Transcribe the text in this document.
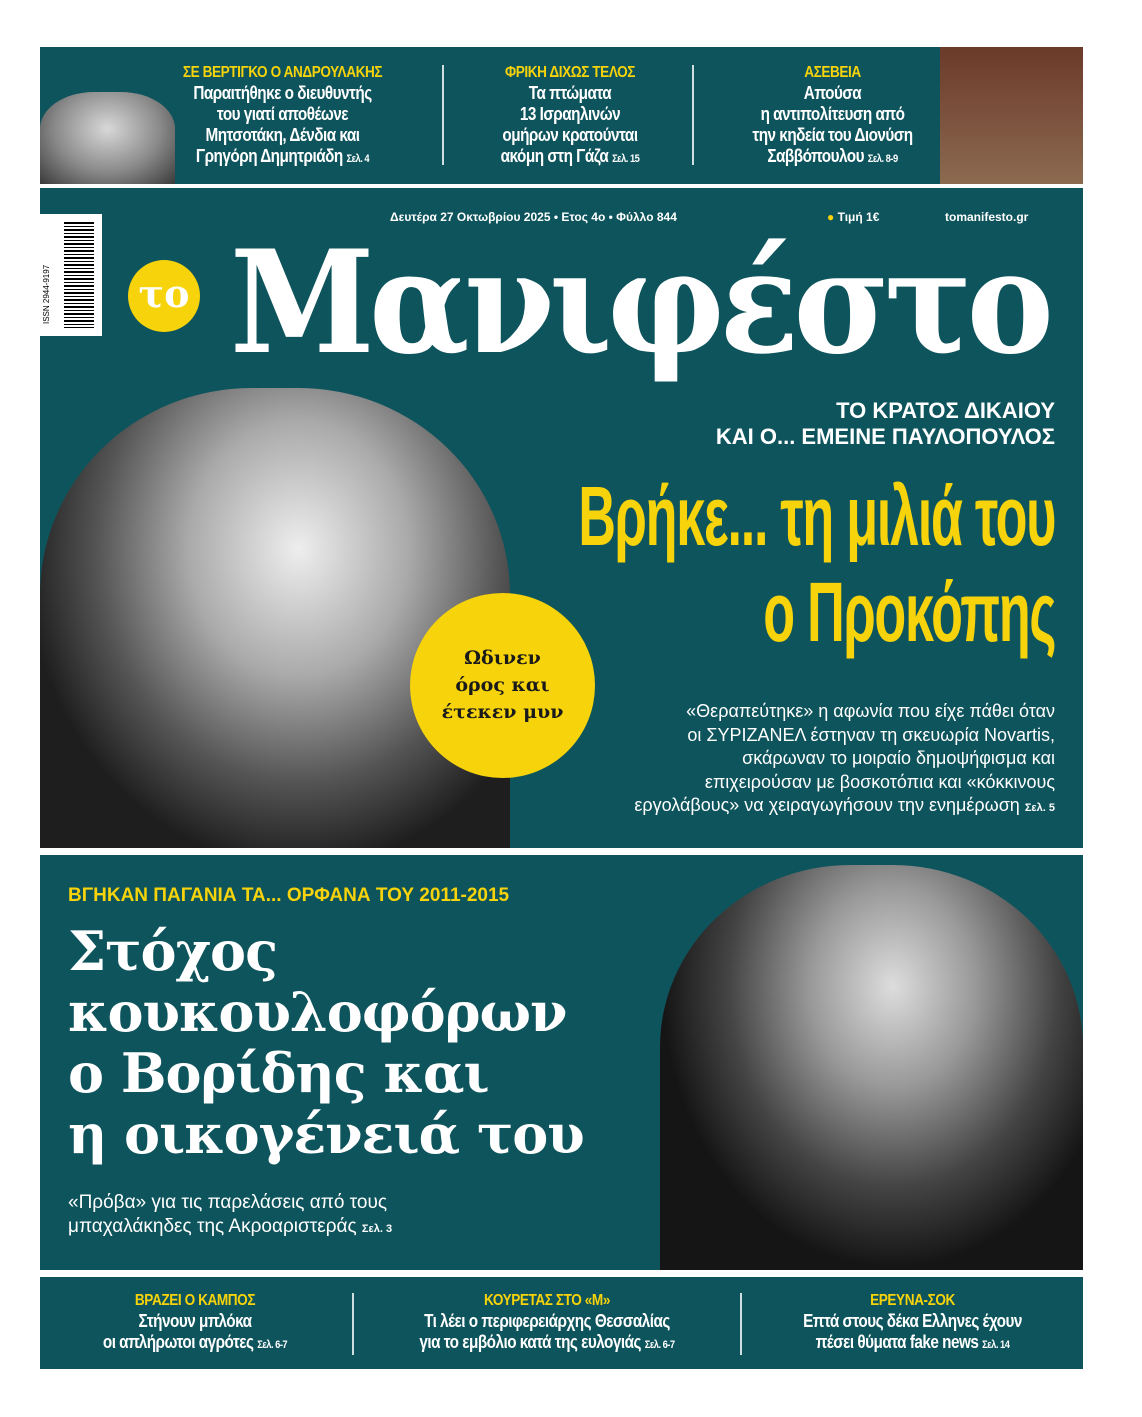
ΣΕ ΒΕΡΤΙΓΚΟ Ο ΑΝΔΡΟΥΛΑΚΗΣ
Παραιτήθηκε ο διευθυντής
του γιατί αποθέωνε
Μητσοτάκη, Δένδια και
Γρηγόρη Δημητριάδη Σελ. 4
ΦΡΙΚΗ ΔΙΧΩΣ ΤΕΛΟΣ
Τα πτώματα
13 Ισραηλινών
ομήρων κρατούνται
ακόμη στη Γάζα Σελ. 15
ΑΣΕΒΕΙΑ
Απούσα
η αντιπολίτευση από
την κηδεία του Διονύση
Σαββόπουλου Σελ. 8-9
ISSN 2944-9197
Δευτέρα 27 Οκτωβρίου 2025 • Ετος 4ο • Φύλλο 844	● Τιμή 1€	tomanifesto.gr
το Μανιφέστο
ΤΟ ΚΡΑΤΟΣ ΔΙΚΑΙΟΥ
ΚΑΙ Ο... ΕΜΕΙΝΕ ΠΑΥΛΟΠΟΥΛΟΣ
Βρήκε... τη μιλιά του
ο Προκόπης
Ωδινεν
όρος και
έτεκεν μυν	«Θεραπεύτηκε» η αφωνία που είχε πάθει όταν
οι ΣΥΡΙΖΑΝΕΛ έστηναν τη σκευωρία Novartis,
σκάρωναν το μοιραίο δημοψήφισμα και
επιχειρούσαν με βοσκοτόπια και «κόκκινους
εργολάβους» να χειραγωγήσουν την ενημέρωση Σελ. 5
ΒΓΗΚΑΝ ΠΑΓΑΝΙΑ ΤΑ... ΟΡΦΑΝΑ ΤΟΥ 2011-2015
Στόχος
κουκουλοφόρων
ο Βορίδης και
η οικογένειά του
«Πρόβα» για τις παρελάσεις από τους
μπαχαλάκηδες της Ακροαριστεράς Σελ. 3
ΒΡΑΖΕΙ Ο ΚΑΜΠΟΣ
Στήνουν μπλόκα
οι απλήρωτοι αγρότες Σελ. 6-7
ΚΟΥΡΕΤΑΣ ΣΤΟ «Μ»
Τι λέει ο περιφερειάρχης Θεσσαλίας
για το εμβόλιο κατά της ευλογιάς Σελ. 6-7
ΕΡΕΥΝΑ-ΣΟΚ
Επτά στους δέκα Ελληνες έχουν
πέσει θύματα fake news Σελ. 14
